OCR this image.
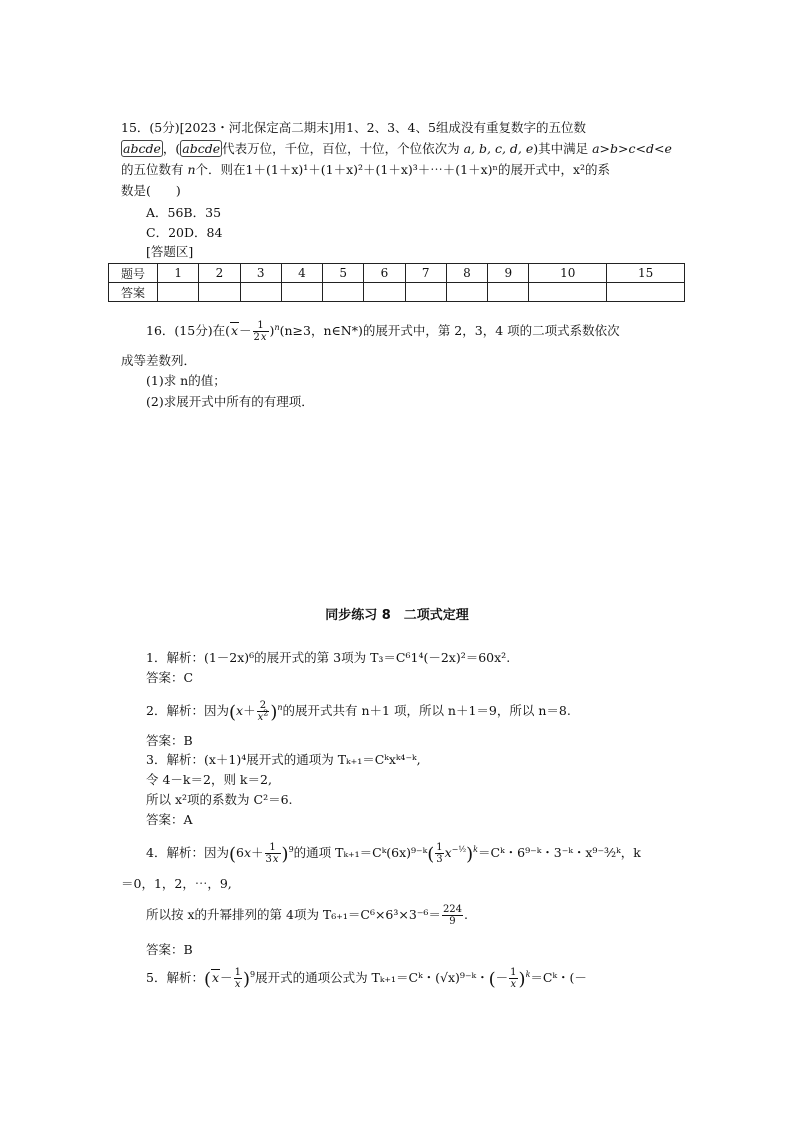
15．(5分)[2023・河北保定高二期末]用1、2、3、4、5组成没有重复数字的五位数
abcde ，( abcde 代表万位，千位，百位，十位，个位依次为 a, b, c, d, e)其中满足 a>b>c<d<e
的五位数有 n个．则在1＋(1＋x)¹＋(1＋x)²＋(1＋x)³＋⋯＋(1＋x)ⁿ的展开式中，x²的系
数是(　　)
A．56B．35
C．20D．84
[答题区]
题号	1	2	3	4	5	6	7	8	9	10	15
答案											
16．(15分)在$(x- \frac{1}{2x} )^n(n\ge 3$，n∈N*)的展开式中，第 2，3，4 项的二项式系数依次
成等差数列．
(1)求 n的值；
(2)求展开式中所有的有理项．
同步练习 8　二项式定理
1．解析：(1－2x)⁶的展开式的第 3项为 T₃＝C⁶1⁴(－2x)²＝60x².
答案：C
2．解析：因为$(x+ \frac{2}{x^2} )^n$的展开式共有 n＋1 项，所以 n＋1＝9，所以 n＝8.
答案：B
3．解析：(x＋1)⁴展开式的通项为 Tₖ₊₁＝Cᵏxᵏ⁴⁻ᵏ,
令 4－k＝2，则 k＝2,
所以 x²项的系数为 C²＝6.
答案：A
4．解析：因为$(6x+ \frac{1}{3x} )^9$的通项 Tₖ₊₁＝Cᵏ(6x)⁹⁻ᵏ( $\frac{1}{3}$ $x^{-\frac{1}{2}})^k=Cᵏ$・6⁹⁻ᵏ・3⁻ᵏ・x⁹⁻³⁄₂ᵏ，k
＝0，1，2，⋯，9,
所以按 x的升幂排列的第 4项为 $T_{6+1}=C^6\times 6^3\times 3^{-6}= \frac{224}{9}$ .
答案：B
5．解析：$(x- \frac{1}{x} )^9$展开式的通项公式为 Tₖ₊₁＝Cᵏ・(√x)⁹⁻ᵏ・(－ $\frac{1}{x}$ )$^k$＝Cᵏ・(－
